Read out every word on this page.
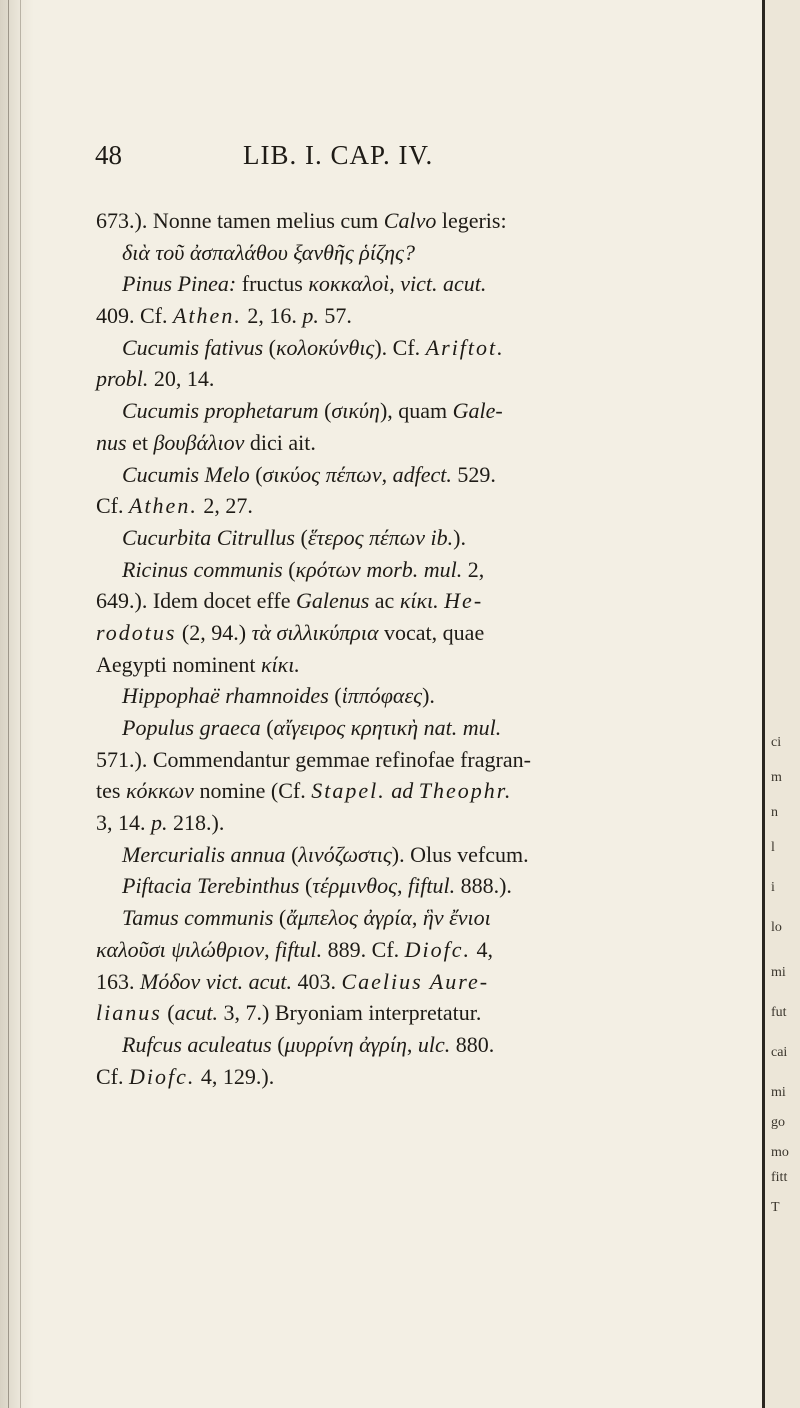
ci
m
n
l
i
lo
mi
fut
cai
mi
go
mo
fitt
T
48	LIB. I. CAP. IV.
673.). Nonne tamen melius cum Calvo legeris:
διὰ τοῦ ἀσπαλάθου ξανθῆς ῥίζης?
Pinus Pinea: fructus κοκκαλοὶ, vict. acut.
409. Cf. Athen. 2, 16. p. 57.
Cucumis fativus (κολοκύνθις). Cf. Ariftot.
probl. 20, 14.
Cucumis prophetarum (σικύη), quam Gale-
nus et βουβάλιον dici ait.
Cucumis Melo (σικύος πέπων, adfect. 529.
Cf. Athen. 2, 27.
Cucurbita Citrullus (ἕτερος πέπων ib.).
Ricinus communis (κρότων morb. mul. 2,
649.). Idem docet effe Galenus ac κίκι. He-
rodotus (2, 94.) τὰ σιλλικύπρια vocat, quae
Aegypti nominent κίκι.
Hippophaë rhamnoides (ἱππόφαες).
Populus graeca (αἴγειρος κρητικὴ nat. mul.
571.). Commendantur gemmae refinofae fragran-
tes κόκκων nomine (Cf. Stapel. ad Theophr.
3, 14. p. 218.).
Mercurialis annua (λινόζωστις). Olus vefcum.
Piftacia Terebinthus (τέρμινθος, fiftul. 888.).
Tamus communis (ἄμπελος ἀγρία, ἣν ἔνιοι
καλοῦσι ψιλώθριον, fiftul. 889. Cf. Diofc. 4,
163. Μόδον vict. acut. 403. Caelius Aure-
lianus (acut. 3, 7.) Bryoniam interpretatur.
Rufcus aculeatus (μυρρίνη ἀγρίη, ulc. 880.
Cf. Diofc. 4, 129.).
